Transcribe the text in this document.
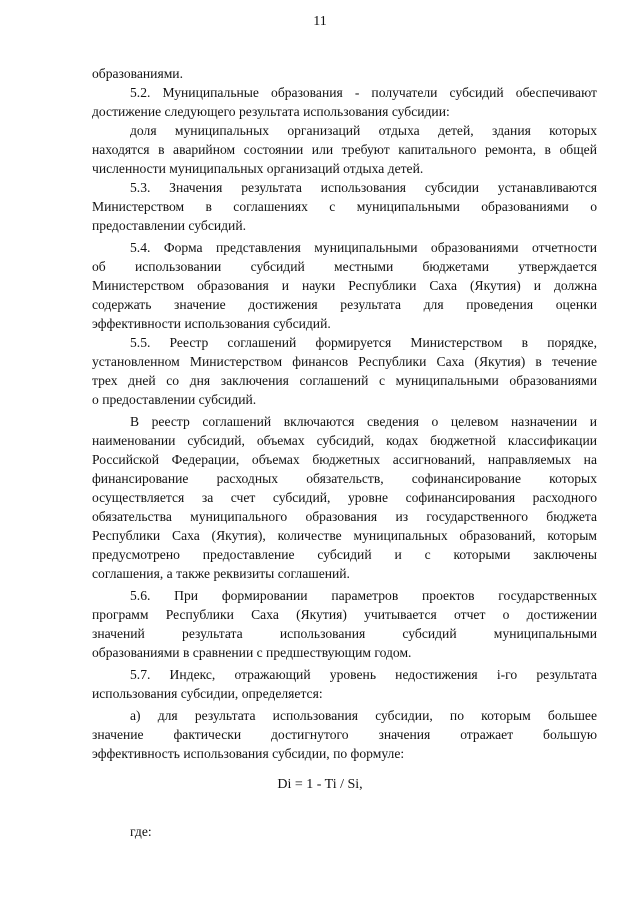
11
образованиями.
5.2. Муниципальные образования - получатели субсидий обеспечивают
достижение следующего результата использования субсидии:
доля муниципальных организаций отдыха детей, здания которых
находятся в аварийном состоянии или требуют капитального ремонта, в общей
численности муниципальных организаций отдыха детей.
5.3. Значения результата использования субсидии устанавливаются
Министерством в соглашениях с муниципальными образованиями о
предоставлении субсидий.
5.4. Форма представления муниципальными образованиями отчетности
об использовании субсидий местными бюджетами утверждается
Министерством образования и науки Республики Саха (Якутия) и должна
содержать значение достижения результата для проведения оценки
эффективности использования субсидий.
5.5. Реестр соглашений формируется Министерством в порядке,
установленном Министерством финансов Республики Саха (Якутия) в течение
трех дней со дня заключения соглашений с муниципальными образованиями
о предоставлении субсидий.
В реестр соглашений включаются сведения о целевом назначении и
наименовании субсидий, объемах субсидий, кодах бюджетной классификации
Российской Федерации, объемах бюджетных ассигнований, направляемых на
финансирование расходных обязательств, софинансирование которых
осуществляется за счет субсидий, уровне софинансирования расходного
обязательства муниципального образования из государственного бюджета
Республики Саха (Якутия), количестве муниципальных образований, которым
предусмотрено предоставление субсидий и с которыми заключены
соглашения, а также реквизиты соглашений.
5.6. При формировании параметров проектов государственных
программ Республики Саха (Якутия) учитывается отчет о достижении
значений результата использования субсидий муниципальными
образованиями в сравнении с предшествующим годом.
5.7. Индекс, отражающий уровень недостижения i-го результата
использования субсидии, определяется:
а) для результата использования субсидии, по которым большее
значение фактически достигнутого значения отражает большую
эффективность использования субсидии, по формуле:
Di = 1 - Ti / Si,
где:
